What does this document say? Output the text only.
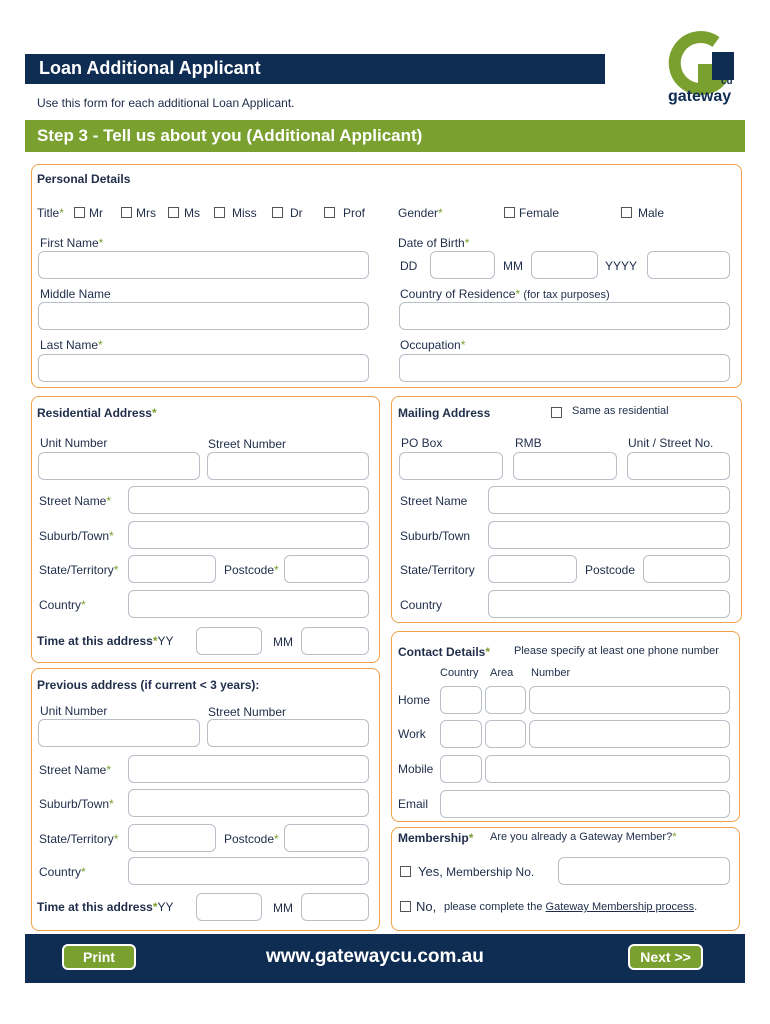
Loan Additional Applicant
Use this form for each additional Loan Applicant.
cu
gateway
Step 3 - Tell us about you (Additional Applicant)
Personal Details
Title* Mr	Mrs Ms	Miss	Dr	Prof	Gender*	Female	Male
First Name*	Date of Birth*
DD	MM	YYYY
Middle Name	Country of Residence* (for tax purposes)
Last Name*	Occupation*
Residential Address*
Unit Number	Street Number
Street Name*
Suburb/Town*
State/Territory*	Postcode*
Country*
Time at this address*YY	MM
Mailing Address	Same as residential
PO Box	RMB	Unit / Street No.
Street Name
Suburb/Town
State/Territory	Postcode
Country
Previous address (if current < 3 years):
Unit Number	Street Number
Street Name*
Suburb/Town*
State/Territory*	Postcode*
Country*
Time at this address*YY	MM
Contact Details* Please specify at least one phone number
Country Area Number
Home
Work
Mobile
Email
Membership* Are you already a Gateway Member?*
Yes, Membership No.
No, please complete the Gateway Membership process.
Print	www.gatewaycu.com.au	Next >>
